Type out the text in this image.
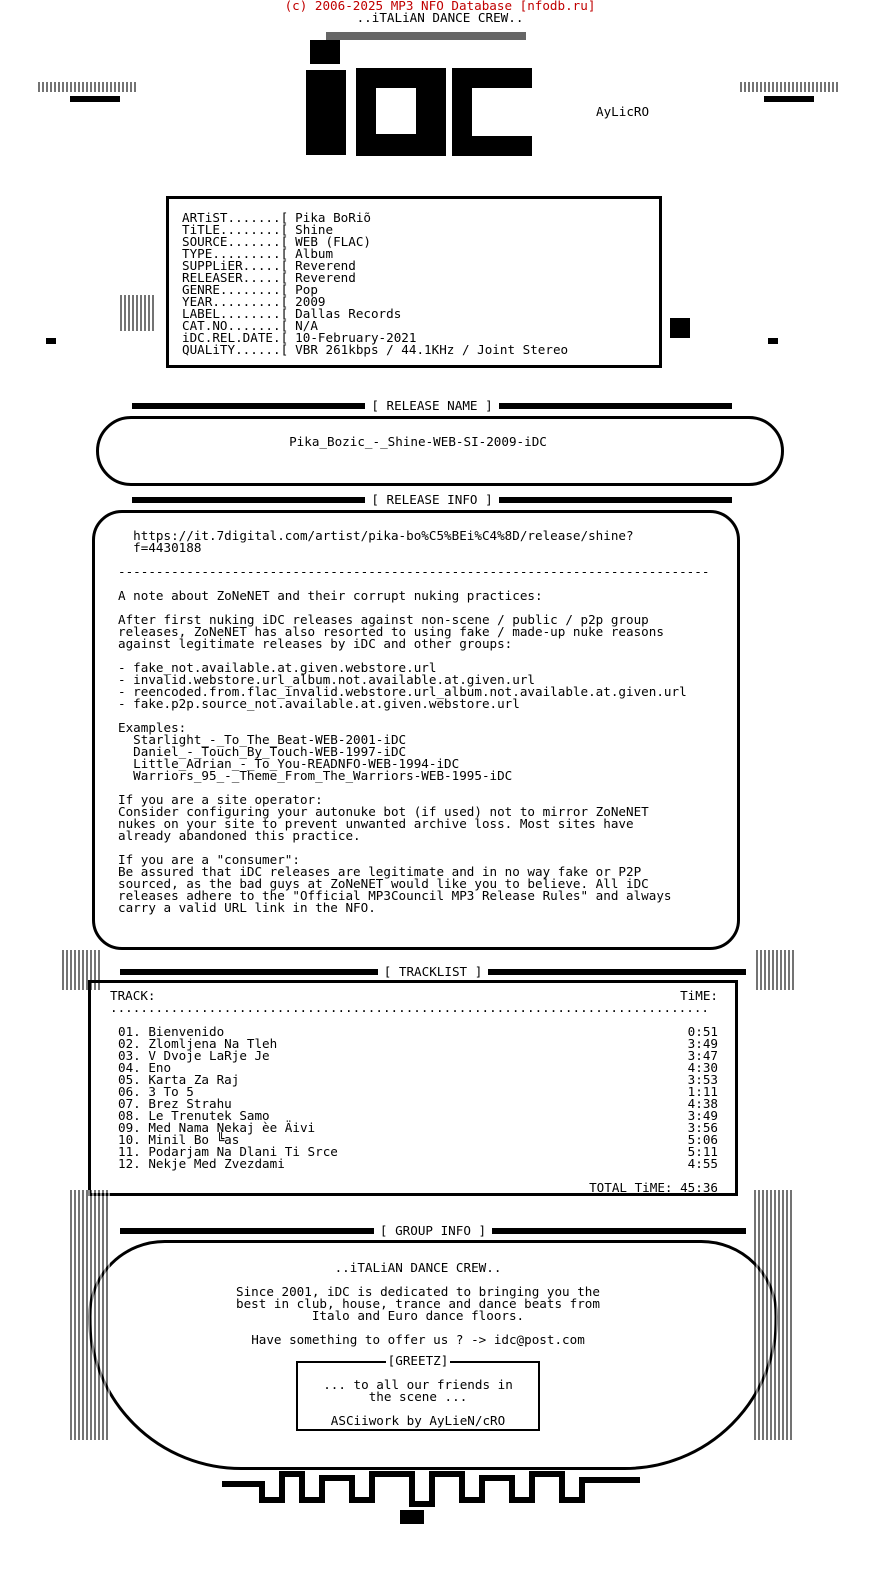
(c) 2006-2025 MP3 NFO Database [nfodb.ru]
..iTALiAN DANCE CREW..
AyLicRO
ARTiST.......[ Pika BoRiõ
TiTLE........[ Shine
SOURCE.......[ WEB (FLAC)
TYPE.........[ Album
SUPPLiER.....[ Reverend
RELEASER.....[ Reverend
GENRE........[ Pop
YEAR.........[ 2009
LABEL........[ Dallas Records
CAT.NO.......[ N/A
iDC.REL.DATE.[ 10-February-2021
QUALiTY......[ VBR 261kbps / 44.1KHz / Joint Stereo
[ RELEASE NAME ]
Pika_Bozic_-_Shine-WEB-SI-2009-iDC
[ RELEASE INFO ]
https://it.7digital.com/artist/pika-bo%C5%BEi%C4%8D/release/shine?
f=4430188
------------------------------------------------------------------------------
A note about ZoNeNET and their corrupt nuking practices:
After first nuking iDC releases against non-scene / public / p2p group
releases, ZoNeNET has also resorted to using fake / made-up nuke reasons
against legitimate releases by iDC and other groups:
- fake_not.available.at.given.webstore.url
- invalid.webstore.url_album.not.available.at.given.url
- reencoded.from.flac_invalid.webstore.url_album.not.available.at.given.url
- fake.p2p.source_not.available.at.given.webstore.url
Examples:
Starlight_-_To_The_Beat-WEB-2001-iDC
Daniel_-_Touch_By_Touch-WEB-1997-iDC
Little_Adrian_-_To_You-READNFO-WEB-1994-iDC
Warriors_95_-_Theme_From_The_Warriors-WEB-1995-iDC
If you are a site operator:
Consider configuring your autonuke bot (if used) not to mirror ZoNeNET
nukes on your site to prevent unwanted archive loss. Most sites have
already abandoned this practice.
If you are a "consumer":
Be assured that iDC releases are legitimate and in no way fake or P2P
sourced, as the bad guys at ZoNeNET would like you to believe. All iDC
releases adhere to the "Official MP3Council MP3 Release Rules" and always
carry a valid URL link in the NFO.
[ TRACKLIST ]
TRACK:	TiME:
...............................................................................
01. Bienvenido	0:51
02. Zlomljena Na Tleh	3:49
03. V Dvoje LaRje Je	3:47
04. Eno	4:30
05. Karta Za Raj	3:53
06. 3 To 5	1:11
07. Brez Strahu	4:38
08. Le Trenutek Samo	3:49
09. Med Nama Nekaj èe Äivi	3:56
10. Minil Bo ╚as	5:06
11. Podarjam Na Dlani Ti Srce	5:11
12. Nekje Med Zvezdami	4:55
TOTAL TiME: 45:36
[ GROUP INFO ]
..iTALiAN DANCE CREW..
Since 2001, iDC is dedicated to bringing you the
best in club, house, trance and dance beats from
Italo and Euro dance floors.
Have something to offer us ? -> idc@post.com
[GREETZ]
... to all our friends in
the scene ...
ASCiiwork by AyLieN/cRO
